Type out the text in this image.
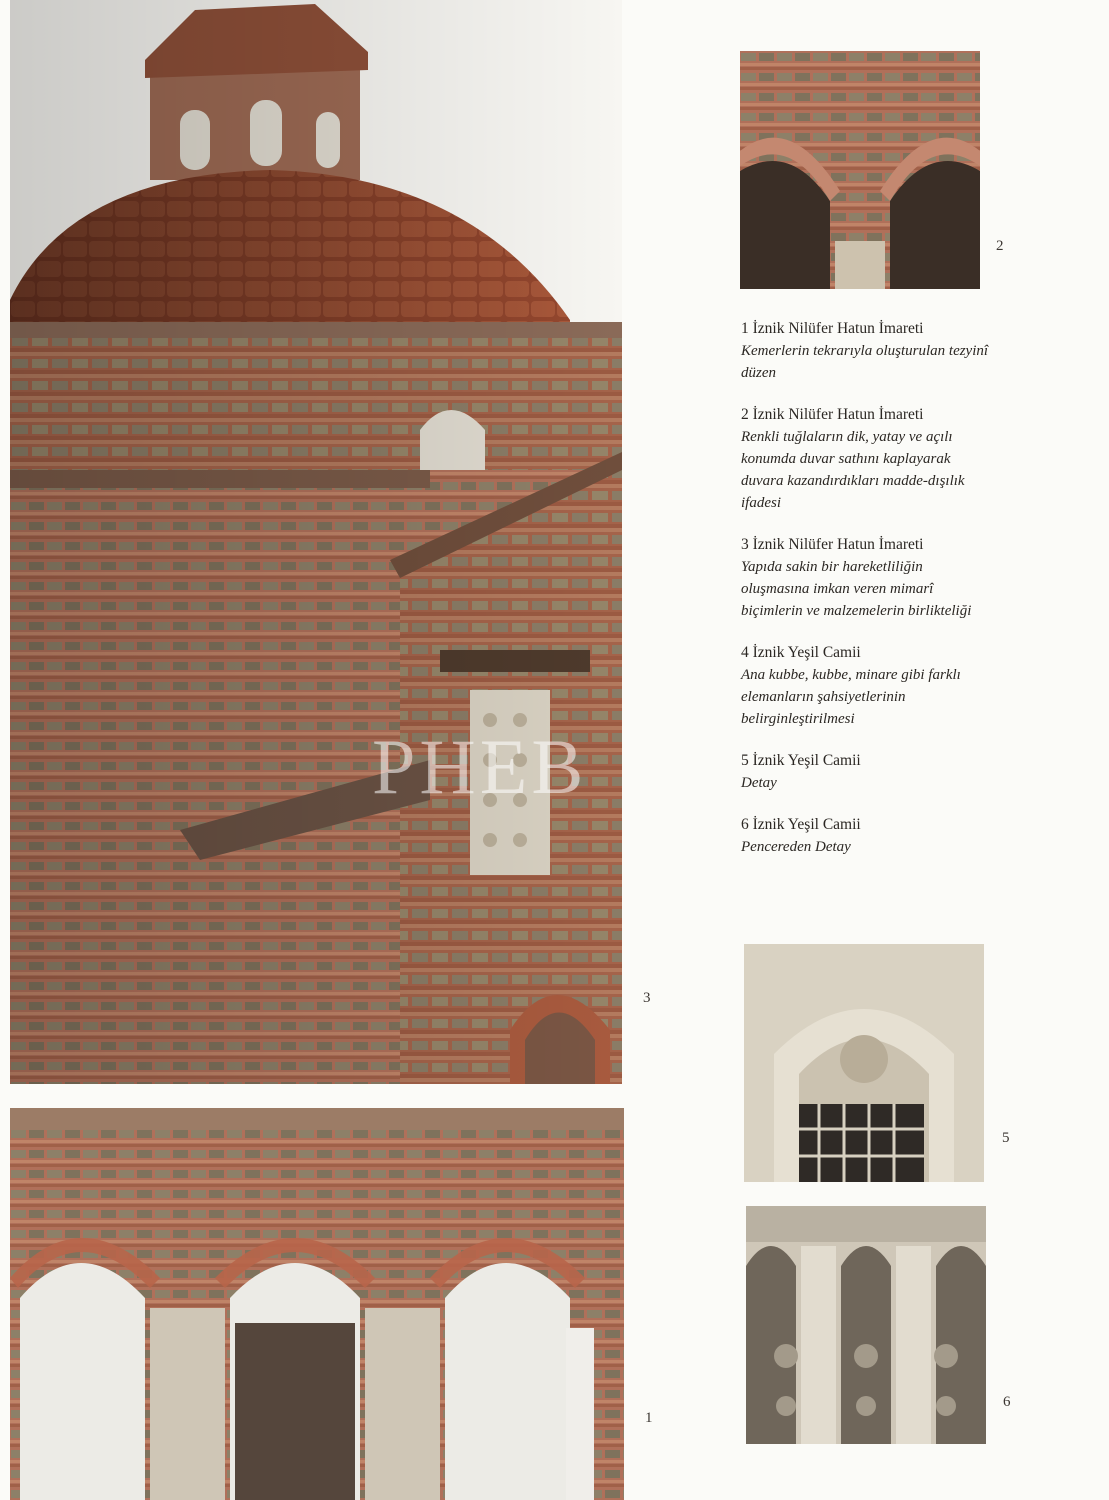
PHEB
2
3
5
1
6
1 İznik Nilüfer Hatun İmareti
Kemerlerin tekrarıyla oluşturulan tezyinî düzen
2 İznik Nilüfer Hatun İmareti
Renkli tuğlaların dik, yatay ve açılı konumda duvar sathını kaplayarak duvara kazandırdıkları madde-dışılık ifadesi
3 İznik Nilüfer Hatun İmareti
Yapıda sakin bir hareketliliğin oluşmasına imkan veren mimarî biçimlerin ve malzemelerin birlikteliği
4 İznik Yeşil Camii
Ana kubbe, kubbe, minare gibi farklı elemanların şahsiyetlerinin belirginleştirilmesi
5 İznik Yeşil Camii
Detay
6 İznik Yeşil Camii
Pencereden Detay
